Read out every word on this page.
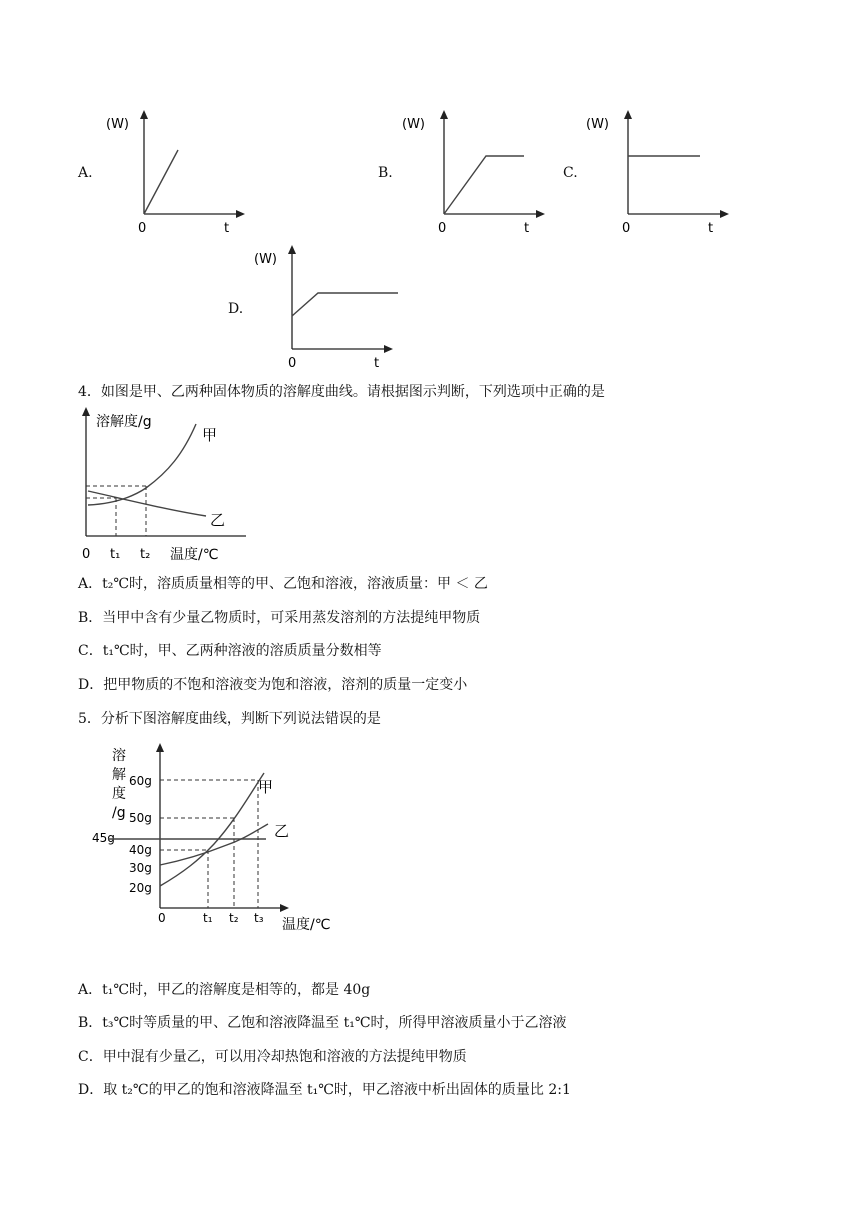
A.
(W)
0	t
B.
(W)
0	t
C.
(W)
0	t
D.
(W)
0	t
4．如图是甲、乙两种固体物质的溶解度曲线。请根据图示判断，下列选项中正确的是
溶解度/g
甲
乙
0 t₁ t₂ 温度/℃
A．t₂℃时，溶质质量相等的甲、乙饱和溶液，溶液质量：甲 ＜ 乙
B．当甲中含有少量乙物质时，可采用蒸发溶剂的方法提纯甲物质
C．t₁℃时，甲、乙两种溶液的溶质质量分数相等
D．把甲物质的不饱和溶液变为饱和溶液，溶剂的质量一定变小
5．分析下图溶解度曲线，判断下列说法错误的是
溶
解
度
/g
60g
50g
45g
40g
30g
20g
甲
乙
0	t₁ t₂ t₃ 温度/℃
A．t₁℃时，甲乙的溶解度是相等的，都是 40g
B．t₃℃时等质量的甲、乙饱和溶液降温至 t₁℃时，所得甲溶液质量小于乙溶液
C．甲中混有少量乙，可以用冷却热饱和溶液的方法提纯甲物质
D．取 t₂℃的甲乙的饱和溶液降温至 t₁℃时，甲乙溶液中析出固体的质量比 2:1
